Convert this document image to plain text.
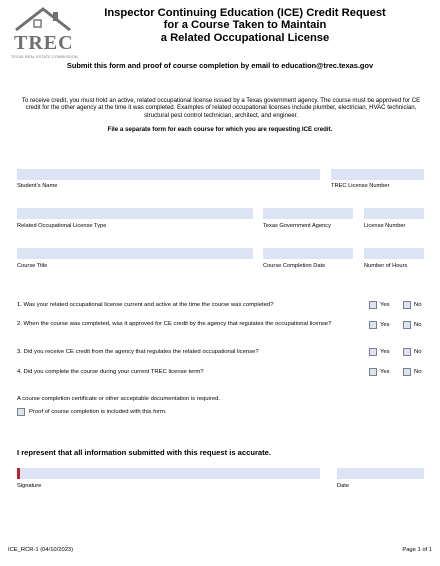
TREC
TEXAS REAL ESTATE COMMISSION
Inspector Continuing Education (ICE) Credit Request
for a Course Taken to Maintain
a Related Occupational License
Submit this form and proof of course completion by email to education@trec.texas.gov
To receive credit, you must hold an active, related occupational license issued by a Texas government agency. The course must be approved for CE credit for the other agency at the time it was completed. Examples of related occupational licenses include plumber, electrician, HVAC technician, structural pest control technician, architect, and engineer.
File a separate form for each course for which you are requesting ICE credit.
Student’s Name	TREC License Number
Related Occupational License Type	Texas Government Agency	License Number
Course Title	Course Completion Date	Number of Hours
1. Was your related occupational license current and active at the time the course was completed?	Yes	No
2. When the course was completed, was it approved for CE credit by the agency that regulates the occupational license?	Yes	No
3. Did you receive CE credit from the agency that regulates the related occupational license?	Yes	No
4. Did you complete the course during your current TREC license term?	Yes	No
A course completion certificate or other acceptable documentation is required.
Proof of course completion is included with this form.
I represent that all information submitted with this request is accurate.
Signature	Date
ICE_RCR-1 (04/10/2023)	Page 1 of 1
